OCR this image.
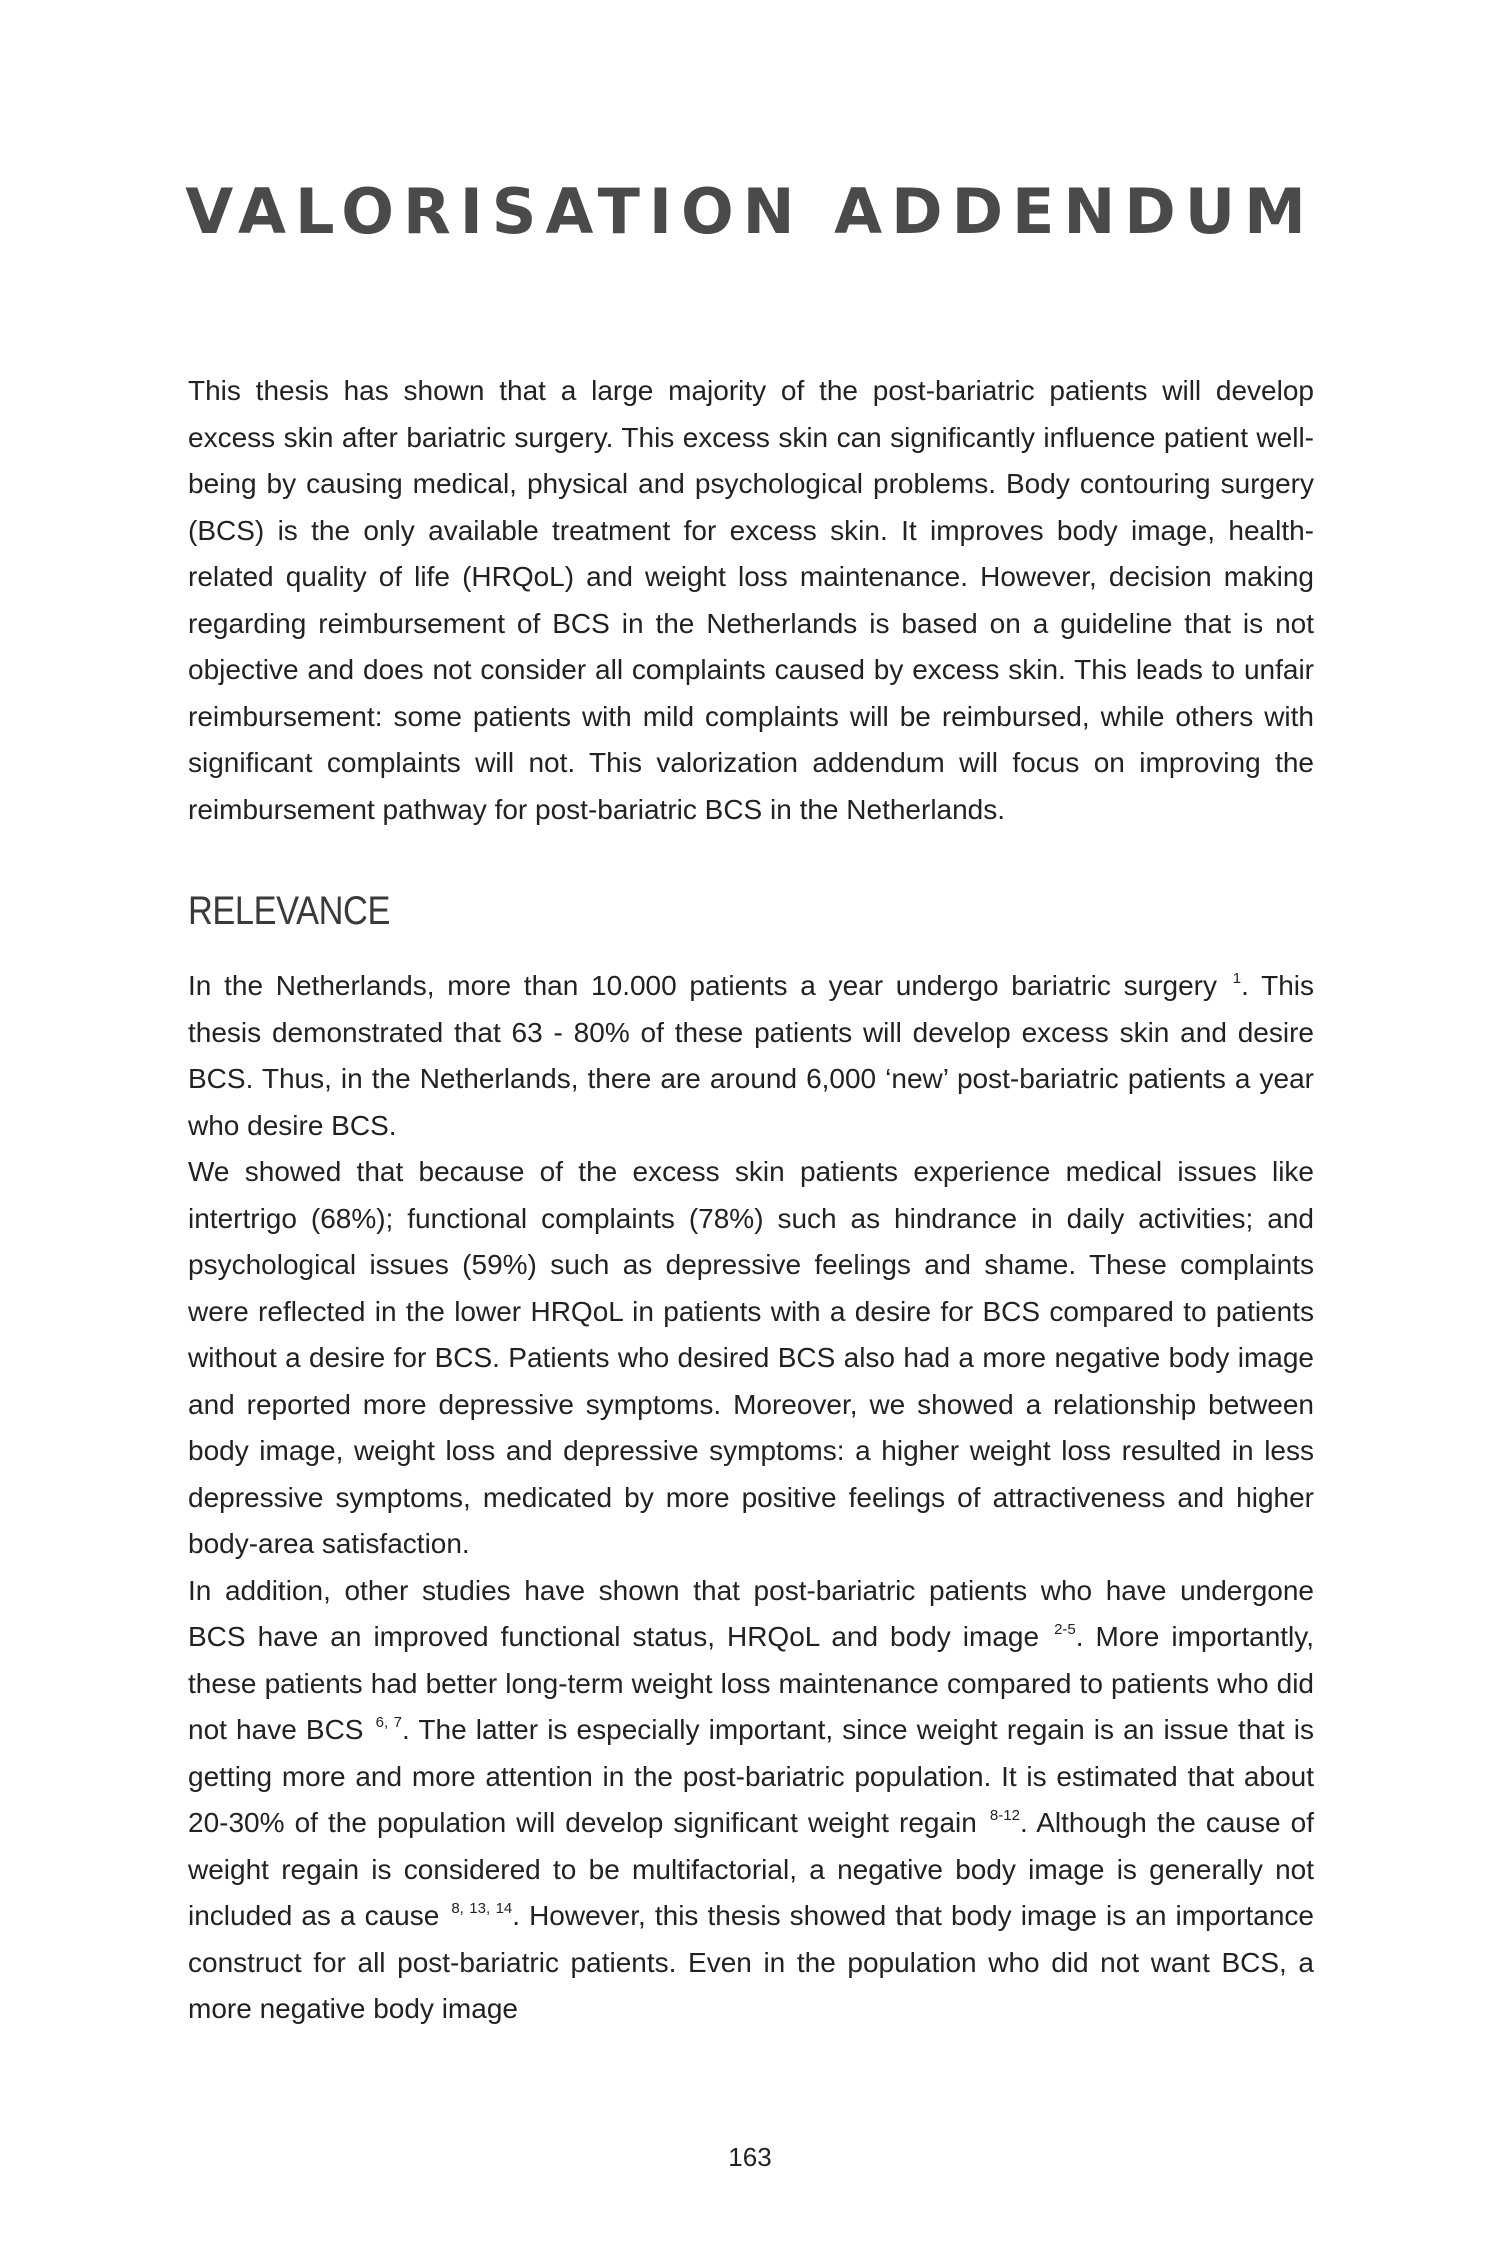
VALORISATION ADDENDUM

This thesis has shown that a large majority of the post-bariatric patients will develop excess skin after bariatric surgery. This excess skin can significantly influence patient well-being by causing medical, physical and psychological problems. Body contouring surgery (BCS) is the only available treatment for excess skin. It improves body image, health-related quality of life (HRQoL) and weight loss maintenance. However, decision making regarding reimbursement of BCS in the Netherlands is based on a guideline that is not objective and does not consider all complaints caused by excess skin. This leads to unfair reimbursement: some patients with mild complaints will be reimbursed, while others with significant complaints will not. This valorization addendum will focus on improving the reimbursement pathway for post-bariatric BCS in the Netherlands.

RELEVANCE

In the Netherlands, more than 10.000 patients a year undergo bariatric surgery $^1$. This thesis demonstrated that 63 - 80% of these patients will develop excess skin and desire BCS. Thus, in the Netherlands, there are around 6,000 ‘new’ post-bariatric patients a year who desire BCS.

We showed that because of the excess skin patients experience medical issues like intertrigo (68%); functional complaints (78%) such as hindrance in daily activities; and psychological issues (59%) such as depressive feelings and shame. These complaints were reflected in the lower HRQoL in patients with a desire for BCS compared to patients without a desire for BCS. Patients who desired BCS also had a more negative body image and reported more depressive symptoms. Moreover, we showed a relationship between body image, weight loss and depressive symptoms: a higher weight loss resulted in less depressive symptoms, medicated by more positive feelings of attractiveness and higher body-area satisfaction.

In addition, other studies have shown that post-bariatric patients who have undergone BCS have an improved functional status, HRQoL and body image $^{2-5}$. More importantly, these patients had better long-term weight loss maintenance compared to patients who did not have BCS $^{6, 7}$. The latter is especially important, since weight regain is an issue that is getting more and more attention in the post-bariatric population. It is estimated that about 20-30% of the population will develop significant weight regain $^{8-12}$. Although the cause of weight regain is considered to be multifactorial, a negative body image is generally not included as a cause $^{8, 13, 14}$. However, this thesis showed that body image is an importance construct for all post-bariatric patients. Even in the population who did not want BCS, a more negative body image

163
